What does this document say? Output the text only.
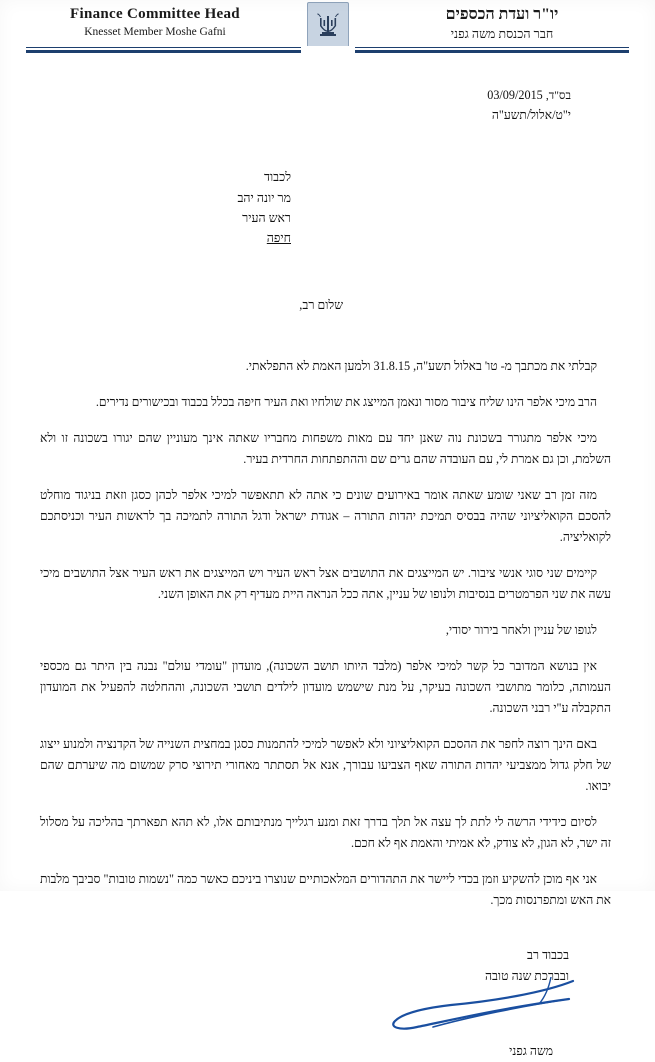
Finance Committee Head
Knesset Member Moshe Gafni
יו"ר ועדת הכספים
חבר הכנסת משה גפני
בס"ד, 03/09/2015
י"ט/אלול/תשע"ה
לכבוד
מר יונה יהב
ראש העיר
חיפה
שלום רב,
קבלתי את מכתבך מ- טו' באלול תשע"ה, 31.8.15 ולמען האמת לא התפלאתי.
הרב מיכי אלפר הינו שליח ציבור מסור ונאמן המייצג את שולחיו ואת העיר חיפה בכלל בכבוד ובכישורים נדירים.
מיכי אלפר מתגורר בשכונת נוה שאנן יחד עם מאות משפחות מחבריו שאתה אינך מעוניין שהם יגורו בשכונה זו ולא השלמת, וכן גם אמרת לי, עם העובדה שהם גרים שם וההתפתחות החרדית בעיר.
מזה זמן רב שאני שומע שאתה אומר באירועים שונים כי אתה לא תתאפשר למיכי אלפר לכהן כסגן וזאת בניגוד מוחלט להסכם הקואליציוני שהיה בבסיס תמיכת יהדות התורה – אגודת ישראל ודגל התורה לתמיכה בך לראשות העיר וכניסתכם לקואליציה.
קיימים שני סוגי אנשי ציבור. יש המייצגים את התושבים אצל ראש העיר ויש המייצגים את ראש העיר אצל התושבים מיכי עשה את שני הפרמטרים בנסיבות ולנופו של עניין, אתה ככל הנראה היית מעדיף רק את האופן השני.
לגופו של עניין ולאחר בירור יסודי,
אין בנושא המדובר כל קשר למיכי אלפר (מלבד היותו תושב השכונה), מועדון "עומדי עולם" נבנה בין היתר גם מכספי העמותה, כלומר מתושבי השכונה בעיקר, על מנת שישמש מועדון לילדים תושבי השכונה, וההחלטה להפעיל את המועדון התקבלה ע"י רבני השכונה.
באם הינך רוצה לחפר את ההסכם הקואליציוני ולא לאפשר למיכי להתמנות כסגן במחצית השנייה של הקדנציה ולמנוע ייצוג של חלק גדול ממצביעי יהדות התורה שאף הצביעו עבורך, אנא אל תסתתר מאחורי תירוצי סרק שמשום מה שיערתם שהם יבואו.
לסיום כידידי הרשה לי לתת לך עצה אל תלך בדרך זאת ומנע רגלייך מנתיבותם אלו, לא תהא תפארתך בהליכה על מסלול זה ישר, לא הגון, לא צודק, לא אמיתי והאמת אף לא חכם.
אני אף מוכן להשקיע וזמן בכדי ליישר את התהדורים המלאכותיים שנוצרו ביניכם כאשר כמה "נשמות טובות" סביבך מלבות את האש ומתפרנסות מכך.
בכבוד רב
ובברכת שנה טובה
משה גפני
